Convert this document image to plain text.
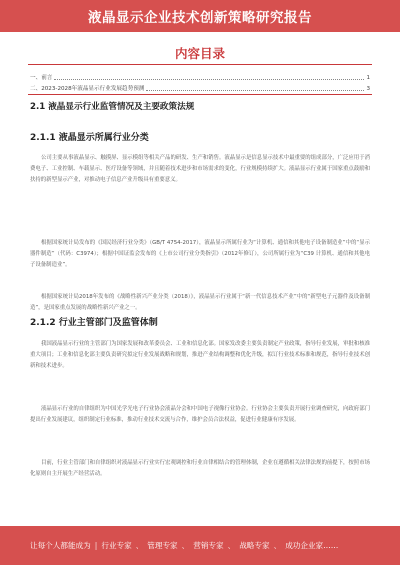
液晶显示企业技术创新策略研究报告
内容目录
一、前言	1
二、2023-2028年液晶显示行业发展趋势预测	3
2.1 液晶显示行业监管情况及主要政策法规
2.1.1 液晶显示所属行业分类
公司主要从事液晶显示、触摸屏、显示模组等相关产品的研发、生产和销售。液晶显示是信息显示技术中最重要的组成部分，广泛应用于消费电子、工业控制、车载显示、医疗设备等领域，并且随着技术进步和市场需求的变化，行业规模持续扩大。液晶显示行业属于国家重点鼓励和扶持的新型显示产业，对推动电子信息产业升级具有重要意义。
根据国家统计局发布的《国民经济行业分类》（GB/T 4754-2017），液晶显示所属行业为“计算机、通信和其他电子设备制造业”中的“显示器件制造”（代码：C3974）；根据中国证监会发布的《上市公司行业分类指引》（2012年修订），公司所属行业为“C39 计算机、通信和其他电子设备制造业”。
根据国家统计局2018年发布的《战略性新兴产业分类（2018）》，液晶显示行业属于“新一代信息技术产业”中的“新型电子元器件及设备制造”，是国家重点发展的战略性新兴产业之一。
2.1.2 行业主管部门及监管体制
我国液晶显示行业的主管部门为国家发展和改革委员会、工业和信息化部。国家发改委主要负责制定产业政策，指导行业发展，审批和核准重大项目；工业和信息化部主要负责研究拟定行业发展战略和规划，推进产业结构调整和优化升级，拟订行业技术标准和规范，指导行业技术创新和技术进步。
液晶显示行业的自律组织为中国光学光电子行业协会液晶分会和中国电子视像行业协会。行业协会主要负责开展行业调查研究，向政府部门提出行业发展建议，组织制定行业标准，推动行业技术交流与合作，维护会员合法权益，促进行业健康有序发展。
目前，行业主管部门和自律组织对液晶显示行业实行宏观调控和行业自律相结合的管理体制，企业在遵循相关法律法规的前提下，按照市场化原则自主开展生产经营活动。
让每个人都能成为 | 行业专家 、 管理专家 、 营销专家 、 战略专家 、 成功企业家……
